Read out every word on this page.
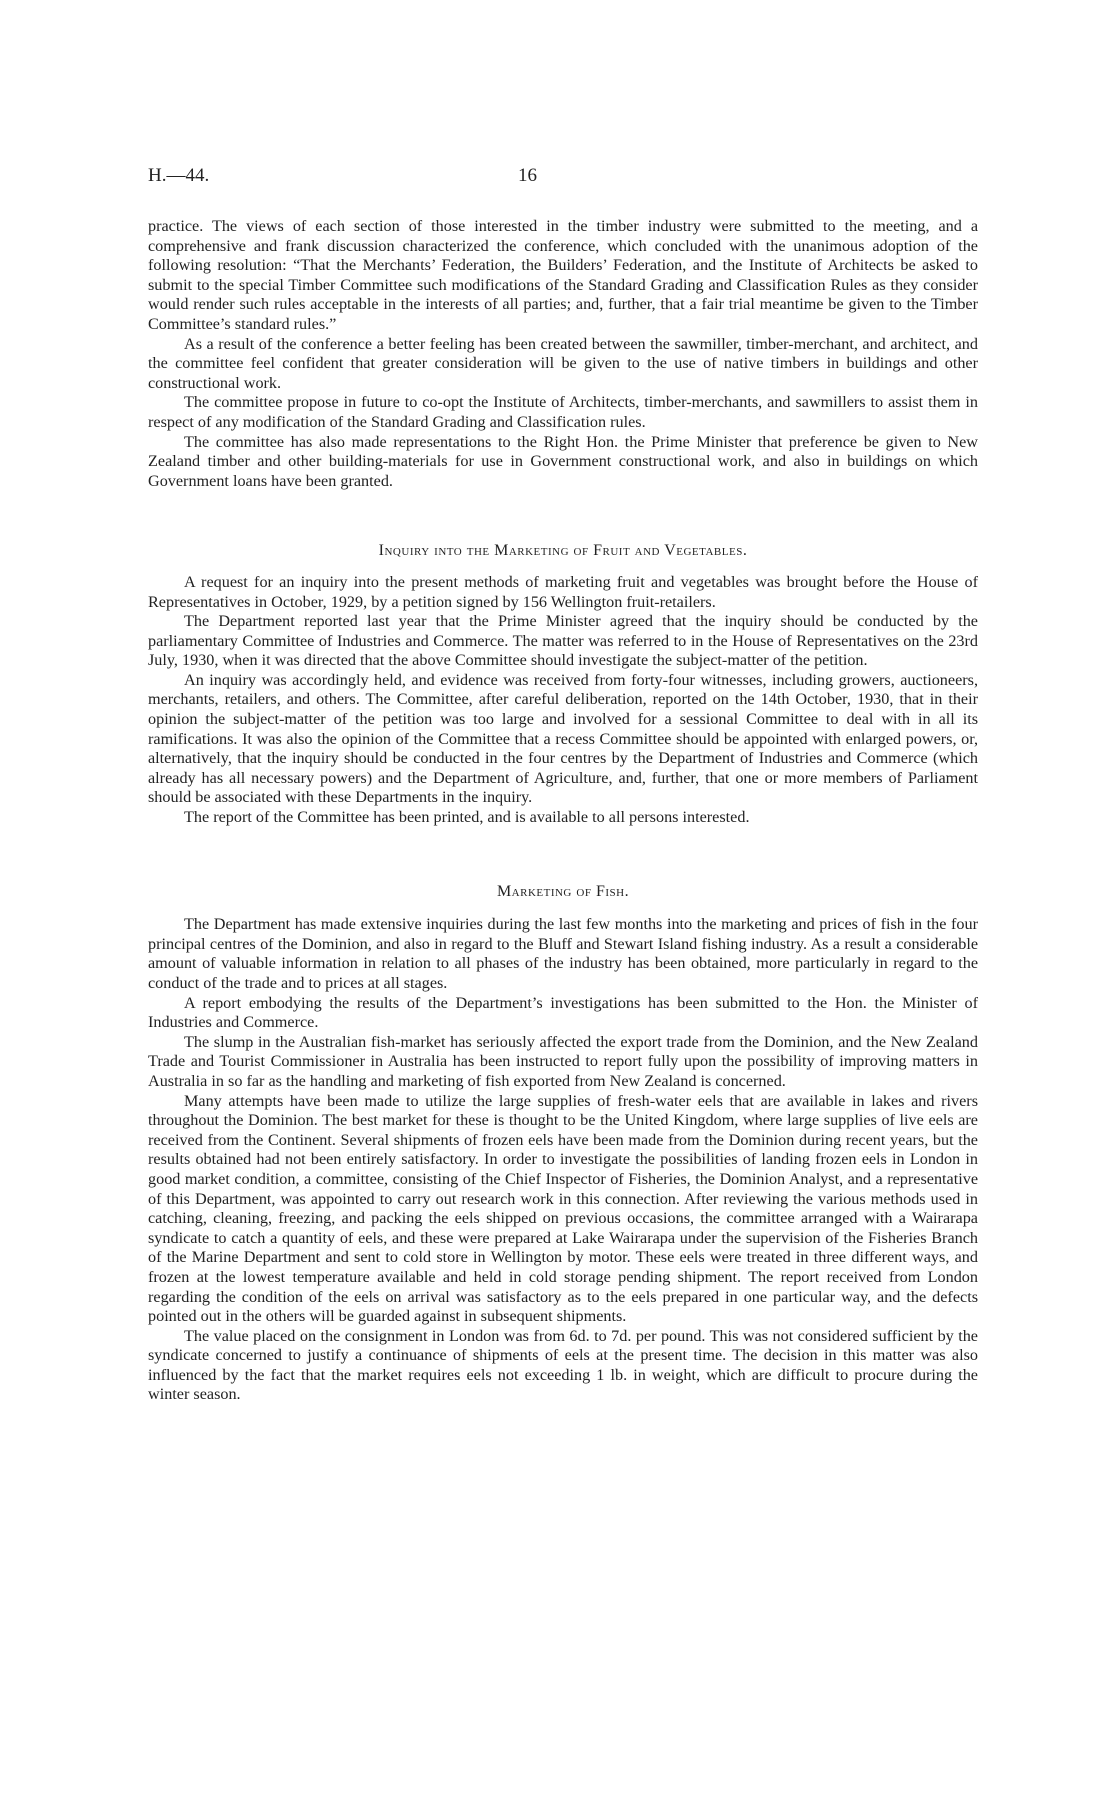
H.—44.	16

practice. The views of each section of those interested in the timber industry were submitted to the meeting, and a comprehensive and frank discussion characterized the conference, which concluded with the unanimous adoption of the following resolution: “That the Merchants’ Federation, the Builders’ Federation, and the Institute of Architects be asked to submit to the special Timber Committee such modifications of the Standard Grading and Classification Rules as they consider would render such rules acceptable in the interests of all parties; and, further, that a fair trial meantime be given to the Timber Committee’s standard rules.”

As a result of the conference a better feeling has been created between the sawmiller, timber-merchant, and architect, and the committee feel confident that greater consideration will be given to the use of native timbers in buildings and other constructional work.

The committee propose in future to co-opt the Institute of Architects, timber-merchants, and sawmillers to assist them in respect of any modification of the Standard Grading and Classification rules.

The committee has also made representations to the Right Hon. the Prime Minister that preference be given to New Zealand timber and other building-materials for use in Government constructional work, and also in buildings on which Government loans have been granted.

Inquiry into the Marketing of Fruit and Vegetables.

A request for an inquiry into the present methods of marketing fruit and vegetables was brought before the House of Representatives in October, 1929, by a petition signed by 156 Wellington fruit-retailers.

The Department reported last year that the Prime Minister agreed that the inquiry should be conducted by the parliamentary Committee of Industries and Commerce. The matter was referred to in the House of Representatives on the 23rd July, 1930, when it was directed that the above Committee should investigate the subject-matter of the petition.

An inquiry was accordingly held, and evidence was received from forty-four witnesses, including growers, auctioneers, merchants, retailers, and others. The Committee, after careful deliberation, reported on the 14th October, 1930, that in their opinion the subject-matter of the petition was too large and involved for a sessional Committee to deal with in all its ramifications. It was also the opinion of the Committee that a recess Committee should be appointed with enlarged powers, or, alternatively, that the inquiry should be conducted in the four centres by the Department of Industries and Commerce (which already has all necessary powers) and the Department of Agriculture, and, further, that one or more members of Parliament should be associated with these Departments in the inquiry.

The report of the Committee has been printed, and is available to all persons interested.

Marketing of Fish.

The Department has made extensive inquiries during the last few months into the marketing and prices of fish in the four principal centres of the Dominion, and also in regard to the Bluff and Stewart Island fishing industry. As a result a considerable amount of valuable information in relation to all phases of the industry has been obtained, more particularly in regard to the conduct of the trade and to prices at all stages.

A report embodying the results of the Department’s investigations has been submitted to the Hon. the Minister of Industries and Commerce.

The slump in the Australian fish-market has seriously affected the export trade from the Dominion, and the New Zealand Trade and Tourist Commissioner in Australia has been instructed to report fully upon the possibility of improving matters in Australia in so far as the handling and marketing of fish exported from New Zealand is concerned.

Many attempts have been made to utilize the large supplies of fresh-water eels that are available in lakes and rivers throughout the Dominion. The best market for these is thought to be the United Kingdom, where large supplies of live eels are received from the Continent. Several shipments of frozen eels have been made from the Dominion during recent years, but the results obtained had not been entirely satisfactory. In order to investigate the possibilities of landing frozen eels in London in good market condition, a committee, consisting of the Chief Inspector of Fisheries, the Dominion Analyst, and a representative of this Department, was appointed to carry out research work in this connection. After reviewing the various methods used in catching, cleaning, freezing, and packing the eels shipped on previous occasions, the committee arranged with a Wairarapa syndicate to catch a quantity of eels, and these were prepared at Lake Wairarapa under the supervision of the Fisheries Branch of the Marine Department and sent to cold store in Wellington by motor. These eels were treated in three different ways, and frozen at the lowest temperature available and held in cold storage pending shipment. The report received from London regarding the condition of the eels on arrival was satisfactory as to the eels prepared in one particular way, and the defects pointed out in the others will be guarded against in subsequent shipments.

The value placed on the consignment in London was from 6d. to 7d. per pound. This was not considered sufficient by the syndicate concerned to justify a continuance of shipments of eels at the present time. The decision in this matter was also influenced by the fact that the market requires eels not exceeding 1 lb. in weight, which are difficult to procure during the winter season.
